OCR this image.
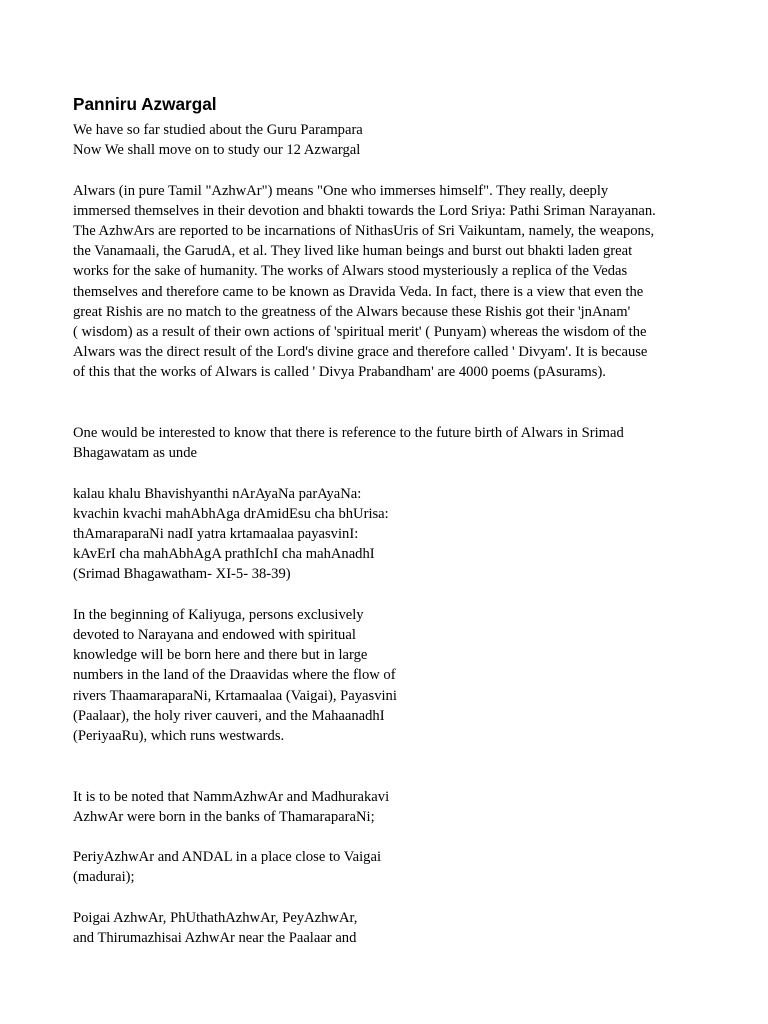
Panniru Azwargal

We have so far studied about the Guru Parampara
Now We shall move on to study our 12 Azwargal

Alwars (in pure Tamil "AzhwAr") means "One who immerses himself". They really, deeply
immersed themselves in their devotion and bhakti towards the Lord Sriya: Pathi Sriman Narayanan.
The AzhwArs are reported to be incarnations of NithasUris of Sri Vaikuntam, namely, the weapons,
the Vanamaali, the GarudA, et al. They lived like human beings and burst out bhakti laden great
works for the sake of humanity. The works of Alwars stood mysteriously a replica of the Vedas
themselves and therefore came to be known as Dravida Veda. In fact, there is a view that even the
great Rishis are no match to the greatness of the Alwars because these Rishis got their 'jnAnam'
( wisdom) as a result of their own actions of 'spiritual merit' ( Punyam) whereas the wisdom of the
Alwars was the direct result of the Lord's divine grace and therefore called ' Divyam'. It is because
of this that the works of Alwars is called ' Divya Prabandham' are 4000 poems (pAsurams).

One would be interested to know that there is reference to the future birth of Alwars in Srimad
Bhagawatam as unde

kalau khalu Bhavishyanthi nArAyaNa parAyaNa:
kvachin kvachi mahAbhAga drAmidEsu cha bhUrisa:
thAmaraparaNi nadI yatra krtamaalaa payasvinI:
kAvErI cha mahAbhAgA prathIchI cha mahAnadhI
(Srimad Bhagawatham- XI-5- 38-39)

In the beginning of Kaliyuga, persons exclusively
devoted to Narayana and endowed with spiritual
knowledge will be born here and there but in large
numbers in the land of the Draavidas where the flow of
rivers ThaamaraparaNi, Krtamaalaa (Vaigai), Payasvini
(Paalaar), the holy river cauveri, and the MahaanadhI
(PeriyaaRu), which runs westwards.

It is to be noted that NammAzhwAr and Madhurakavi
AzhwAr were born in the banks of ThamaraparaNi;

PeriyAzhwAr and ANDAL in a place close to Vaigai
(madurai);

Poigai AzhwAr, PhUthathAzhwAr, PeyAzhwAr,
and Thirumazhisai AzhwAr near the Paalaar and
